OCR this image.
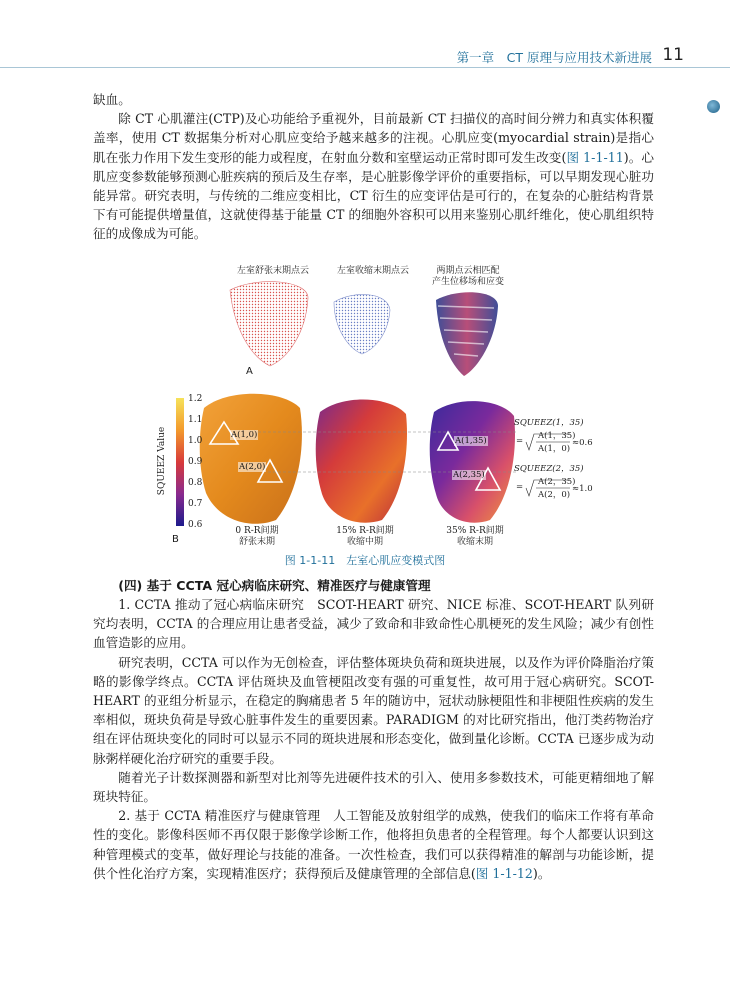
第一章　CT 原理与应用技术新进展 11

缺血。

除 CT 心肌灌注(CTP)及心功能给予重视外，目前最新 CT 扫描仪的高时间分辨力和真实体积覆盖率，使用 CT 数据集分析对心肌应变给予越来越多的注视。心肌应变(myocardial strain)是指心肌在张力作用下发生变形的能力或程度，在射血分数和室壁运动正常时即可发生改变(图 1-1-11)。心肌应变参数能够预测心脏疾病的预后及生存率，是心脏影像学评价的重要指标，可以早期发现心脏功能异常。研究表明，与传统的二维应变相比，CT 衍生的应变评估是可行的，在复杂的心脏结构背景下有可能提供增量值，这就使得基于能量 CT 的细胞外容积可以用来鉴别心肌纤维化，使心肌组织特征的成像成为可能。

左室舒张末期点云	左室收缩末期点云	两期点云相匹配
产生位移场和应变
A
B
1.2
1.1
1.0
0.9
0.8
0.7
0.6
SQUEEZ Value	A(1,0)
A(2,0)
A(1,35)
A(2,35)
SQUEEZ(1，35)
= A(1，35)
A(1，0)
≈0.6
SQUEEZ(2，35)
= A(2，35)
A(2，0)
≈1.0
0 R-R间期
舒张末期
15% R-R间期
收缩中期
35% R-R间期
收缩末期
图 1-1-11　左室心肌应变模式图

(四) 基于 CCTA 冠心病临床研究、精准医疗与健康管理

1. CCTA 推动了冠心病临床研究　SCOT-HEART 研究、NICE 标准、SCOT-HEART 队列研究均表明，CCTA 的合理应用让患者受益，减少了致命和非致命性心肌梗死的发生风险；减少有创性血管造影的应用。

研究表明，CCTA 可以作为无创检查，评估整体斑块负荷和斑块进展，以及作为评价降脂治疗策略的影像学终点。CCTA 评估斑块及血管梗阻改变有强的可重复性，故可用于冠心病研究。SCOT-HEART 的亚组分析显示，在稳定的胸痛患者 5 年的随访中，冠状动脉梗阻性和非梗阻性疾病的发生率相似，斑块负荷是导致心脏事件发生的重要因素。PARADIGM 的对比研究指出，他汀类药物治疗组在评估斑块变化的同时可以显示不同的斑块进展和形态变化，做到量化诊断。CCTA 已逐步成为动脉粥样硬化治疗研究的重要手段。

随着光子计数探测器和新型对比剂等先进硬件技术的引入、使用多参数技术，可能更精细地了解斑块特征。

2. 基于 CCTA 精准医疗与健康管理　人工智能及放射组学的成熟，使我们的临床工作将有革命性的变化。影像科医师不再仅限于影像学诊断工作，他将担负患者的全程管理。每个人都要认识到这种管理模式的变革，做好理论与技能的准备。一次性检查，我们可以获得精准的解剖与功能诊断，提供个性化治疗方案，实现精准医疗；获得预后及健康管理的全部信息(图 1-1-12)。
